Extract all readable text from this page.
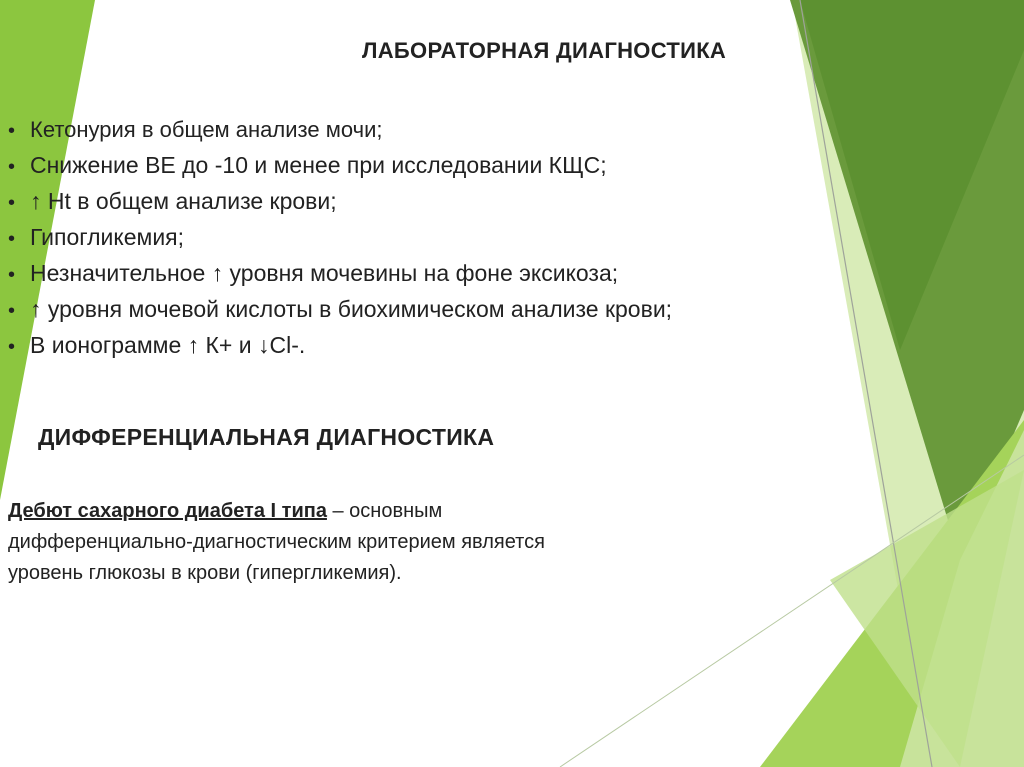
ЛАБОРАТОРНАЯ ДИАГНОСТИКА
• Кетонурия в общем анализе мочи;
• Снижение ВЕ до -10 и менее при исследовании КЩС;
• ↑ Ht в общем анализе крови;
• Гипогликемия;
• Незначительное ↑ уровня мочевины на фоне эксикоза;
• ↑ уровня мочевой кислоты в биохимическом анализе крови;
• В ионограмме ↑ К+ и ↓Cl-.
ДИФФЕРЕНЦИАЛЬНАЯ ДИАГНОСТИКА

Дебют сахарного диабета I типа – основным дифференциально-диагностическим критерием является уровень глюкозы в крови (гипергликемия).
